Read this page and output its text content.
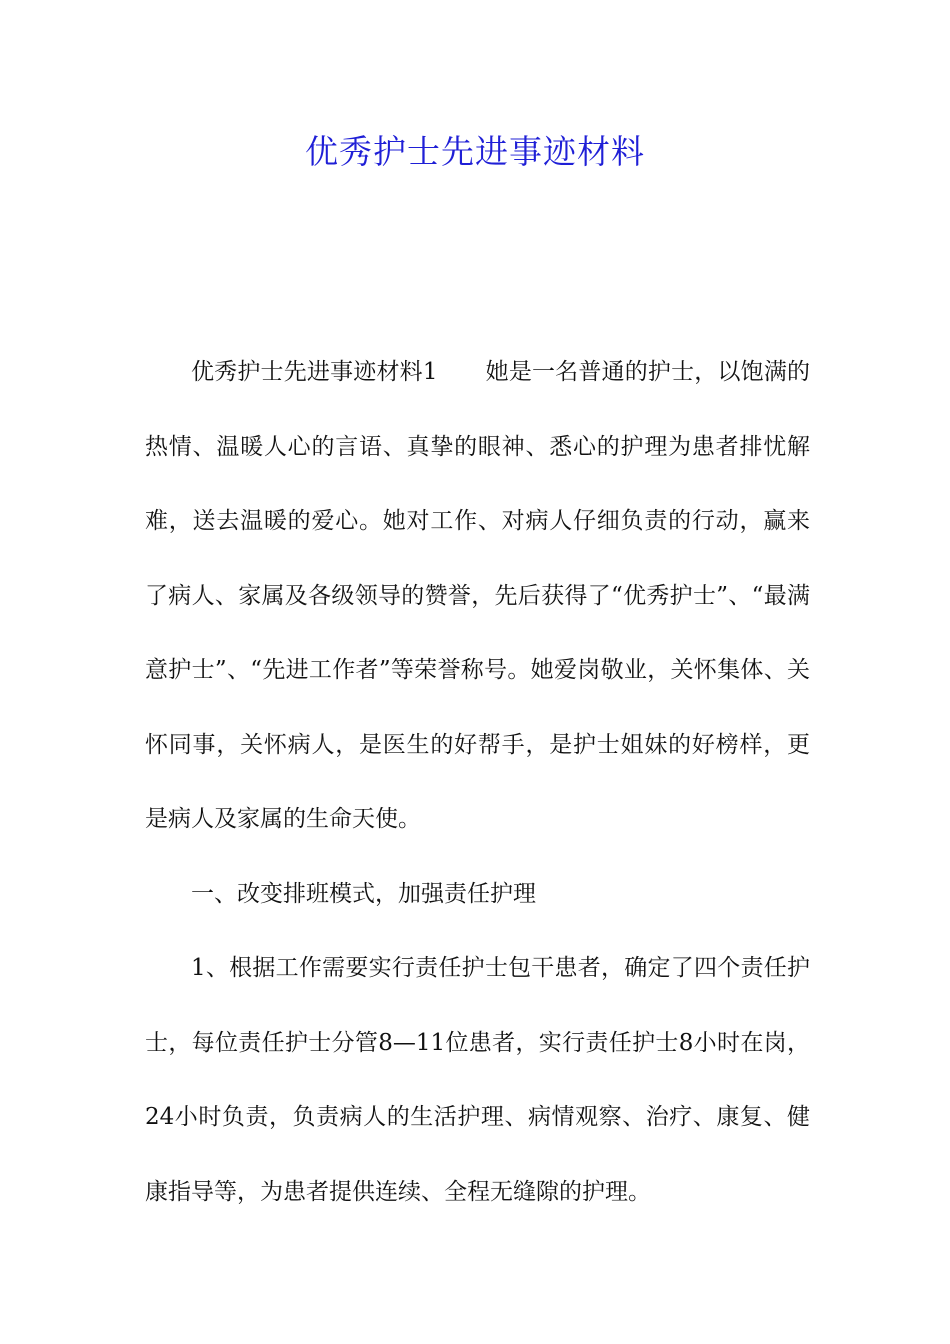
优秀护士先进事迹材料

优秀护士先进事迹材料1 她是一名普通的护士，以饱满的热情、温暖人心的言语、真挚的眼神、悉心的护理为患者排忧解难，送去温暖的爱心。她对工作、对病人仔细负责的行动，赢来了病人、家属及各级领导的赞誉，先后获得了“优秀护士”、“最满意护士”、“先进工作者”等荣誉称号。她爱岗敬业，关怀集体、关怀同事，关怀病人，是医生的好帮手，是护士姐妹的好榜样，更是病人及家属的生命天使。

一、改变排班模式，加强责任护理

1、根据工作需要实行责任护士包干患者，确定了四个责任护士，每位责任护士分管8—11位患者，实行责任护士8小时在岗，24小时负责，负责病人的生活护理、病情观察、治疗、康复、健康指导等，为患者提供连续、全程无缝隙的护理。
